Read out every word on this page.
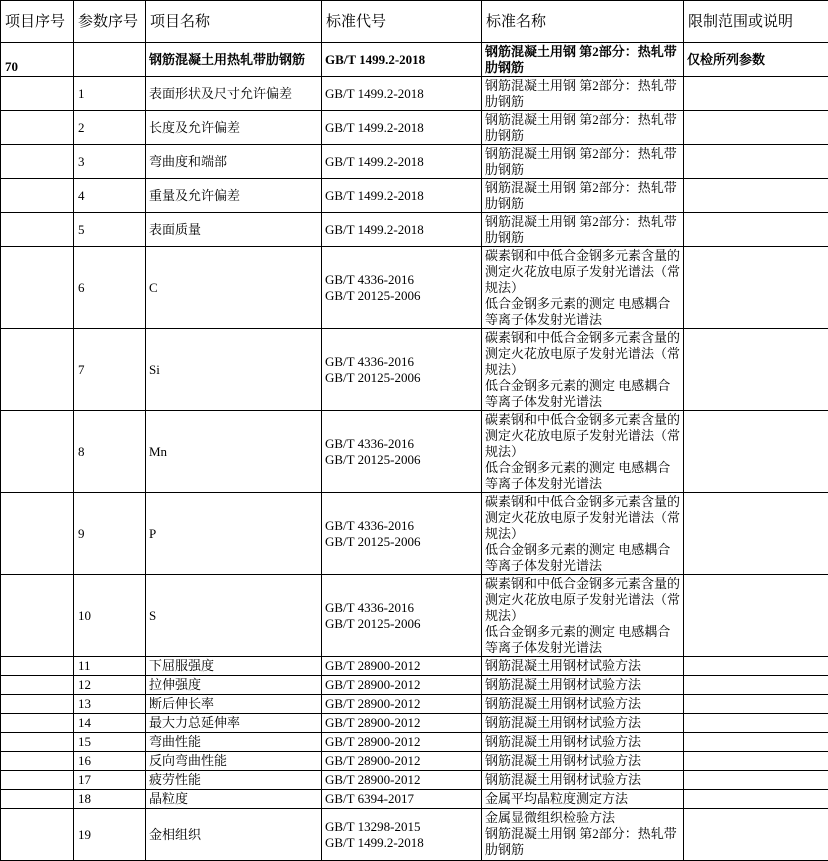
项目序号	参数序号	项目名称	标准代号	标准名称	限制范围或说明
70		钢筋混凝土用热轧带肋钢筋	GB/T 1499.2-2018	钢筋混凝土用钢 第2部分：热轧带肋钢筋	仅检所列参数
	1	表面形状及尺寸允许偏差	GB/T 1499.2-2018	钢筋混凝土用钢 第2部分：热轧带肋钢筋	

	2	长度及允许偏差	GB/T 1499.2-2018	钢筋混凝土用钢 第2部分：热轧带肋钢筋	

	3	弯曲度和端部	GB/T 1499.2-2018	钢筋混凝土用钢 第2部分：热轧带肋钢筋	

	4	重量及允许偏差	GB/T 1499.2-2018	钢筋混凝土用钢 第2部分：热轧带肋钢筋	

	5	表面质量	GB/T 1499.2-2018	钢筋混凝土用钢 第2部分：热轧带肋钢筋	

	6	C	GB/T 4336-2016
GB/T 20125-2006	碳素钢和中低合金钢多元素含量的测定火花放电原子发射光谱法（常规法）
低合金钢多元素的测定 电感耦合等离子体发射光谱法	

	7	Si	GB/T 4336-2016
GB/T 20125-2006	碳素钢和中低合金钢多元素含量的测定火花放电原子发射光谱法（常规法）
低合金钢多元素的测定 电感耦合等离子体发射光谱法	

	8	Mn	GB/T 4336-2016
GB/T 20125-2006	碳素钢和中低合金钢多元素含量的测定火花放电原子发射光谱法（常规法）
低合金钢多元素的测定 电感耦合等离子体发射光谱法	

	9	P	GB/T 4336-2016
GB/T 20125-2006	碳素钢和中低合金钢多元素含量的测定火花放电原子发射光谱法（常规法）
低合金钢多元素的测定 电感耦合等离子体发射光谱法	

	10	S	GB/T 4336-2016
GB/T 20125-2006	碳素钢和中低合金钢多元素含量的测定火花放电原子发射光谱法（常规法）
低合金钢多元素的测定 电感耦合等离子体发射光谱法	

	11	下屈服强度	GB/T 28900-2012	钢筋混凝土用钢材试验方法	

	12	拉伸强度	GB/T 28900-2012	钢筋混凝土用钢材试验方法	

	13	断后伸长率	GB/T 28900-2012	钢筋混凝土用钢材试验方法	

	14	最大力总延伸率	GB/T 28900-2012	钢筋混凝土用钢材试验方法	

	15	弯曲性能	GB/T 28900-2012	钢筋混凝土用钢材试验方法	

	16	反向弯曲性能	GB/T 28900-2012	钢筋混凝土用钢材试验方法	

	17	疲劳性能	GB/T 28900-2012	钢筋混凝土用钢材试验方法	

	18	晶粒度	GB/T 6394-2017	金属平均晶粒度测定方法	

	19	金相组织	GB/T 13298-2015
GB/T 1499.2-2018	金属显微组织检验方法
钢筋混凝土用钢 第2部分：热轧带肋钢筋	
